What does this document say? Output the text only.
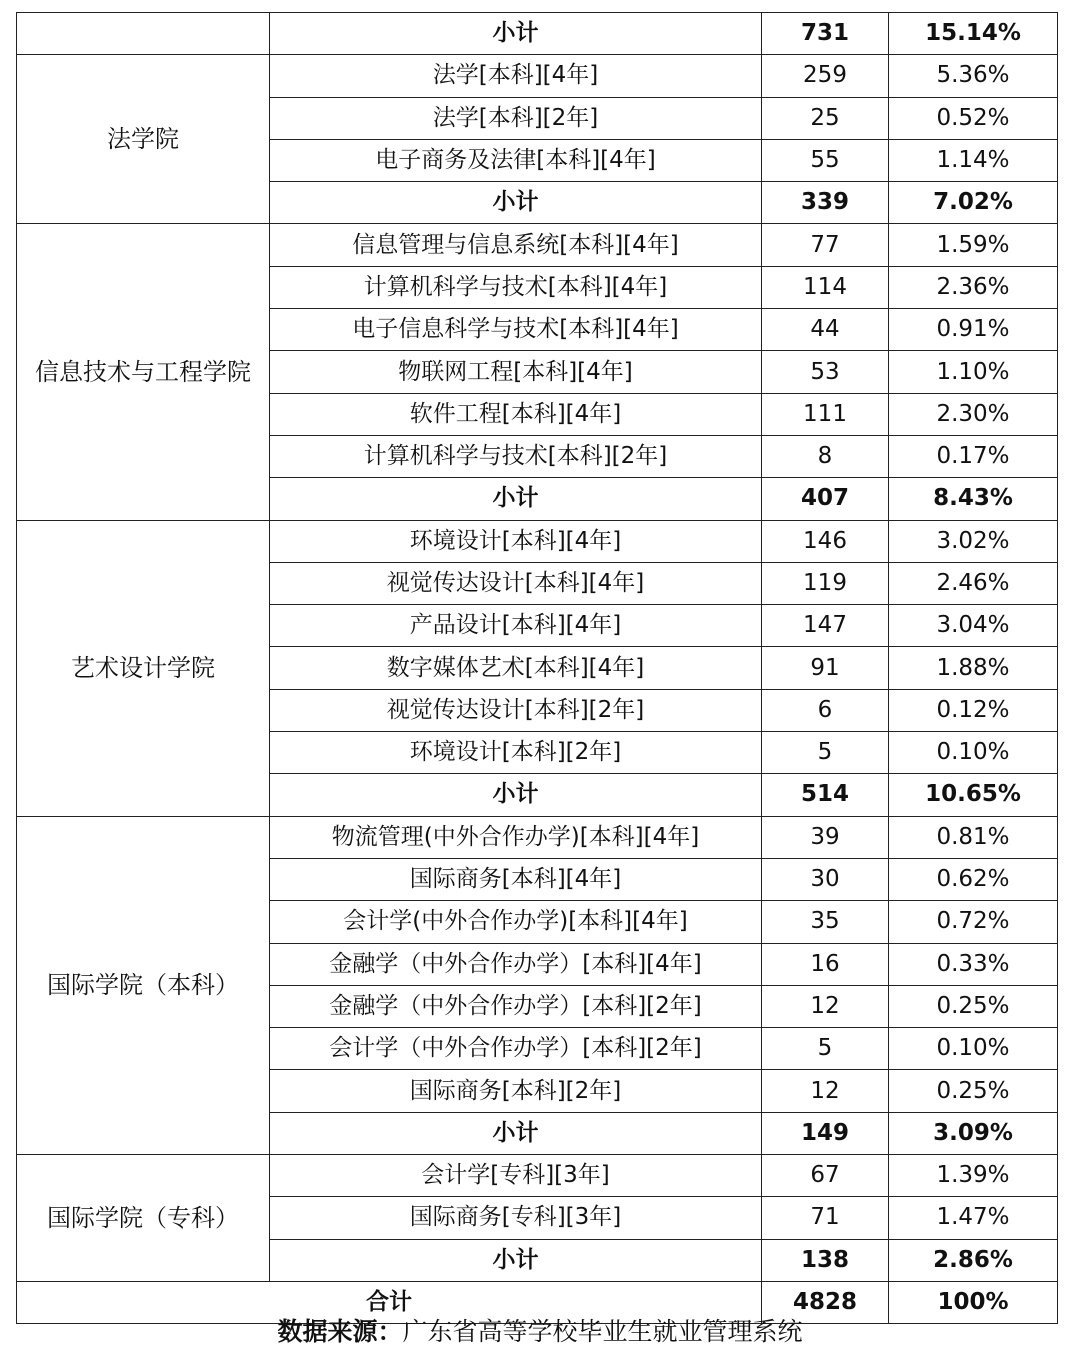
	小计	731	15.14%
法学院	法学[本科][4年]	259	5.36%
	法学[本科][2年]	25	0.52%
	电子商务及法律[本科][4年]	55	1.14%
	小计	339	7.02%
信息技术与工程学院	信息管理与信息系统[本科][4年]	77	1.59%
	计算机科学与技术[本科][4年]	114	2.36%
	电子信息科学与技术[本科][4年]	44	0.91%
	物联网工程[本科][4年]	53	1.10%
	软件工程[本科][4年]	111	2.30%
	计算机科学与技术[本科][2年]	8	0.17%
	小计	407	8.43%
艺术设计学院	环境设计[本科][4年]	146	3.02%
	视觉传达设计[本科][4年]	119	2.46%
	产品设计[本科][4年]	147	3.04%
	数字媒体艺术[本科][4年]	91	1.88%
	视觉传达设计[本科][2年]	6	0.12%
	环境设计[本科][2年]	5	0.10%
	小计	514	10.65%
国际学院（本科）	物流管理(中外合作办学)[本科][4年]	39	0.81%
	国际商务[本科][4年]	30	0.62%
	会计学(中外合作办学)[本科][4年]	35	0.72%
	金融学（中外合作办学）[本科][4年]	16	0.33%
	金融学（中外合作办学）[本科][2年]	12	0.25%
	会计学（中外合作办学）[本科][2年]	5	0.10%
	国际商务[本科][2年]	12	0.25%
	小计	149	3.09%
国际学院（专科）	会计学[专科][3年]	67	1.39%
	国际商务[专科][3年]	71	1.47%
	小计	138	2.86%
合计		4828	100%
数据来源：广东省高等学校毕业生就业管理系统
